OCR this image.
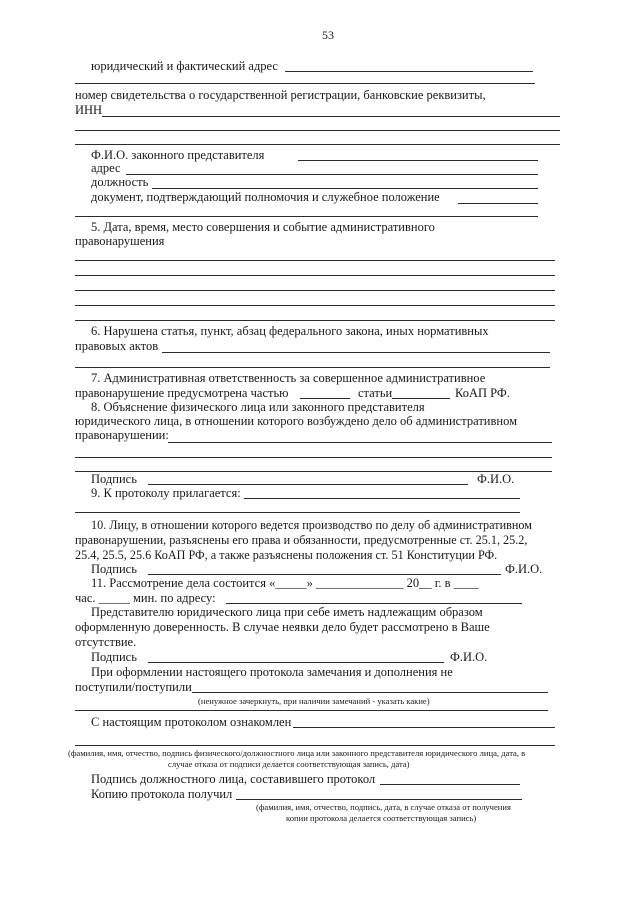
53
юридический и фактический адрес
номер свидетельства о государственной регистрации, банковские реквизиты,
ИНН
Ф.И.О. законного представителя
адрес
должность
документ, подтверждающий полномочия и служебное положение
5. Дата, время, место совершения и событие административного
правонарушения
6. Нарушена статья, пункт, абзац федерального закона, иных нормативных
правовых актов
7. Административная ответственность за совершенное административное
правонарушение предусмотрена частью	статьи	КоАП РФ.
8. Объяснение физического лица или законного представителя
юридического лица, в отношении которого возбуждено дело об административном
правонарушении:
Подпись	Ф.И.О.
9. К протоколу прилагается:
10. Лицу, в отношении которого ведется производство по делу об административном
правонарушении, разъяснены его права и обязанности, предусмотренные ст. 25.1, 25.2,
25.4, 25.5, 25.6 КоАП РФ, а также разъяснены положения ст. 51 Конституции РФ.
Подпись	Ф.И.О.
11. Рассмотрение дела состоится «_____» ______________ 20__ г. в ____
час. _____ мин. по адресу:
Представителю юридического лица при себе иметь надлежащим образом
оформленную доверенность. В случае неявки дело будет рассмотрено в Ваше
отсутствие.
Подпись	Ф.И.О.
При оформлении настоящего протокола замечания и дополнения не
поступили/поступили
(ненужное зачеркнуть, при наличии замечаний - указать какие)
С настоящим протоколом ознакомлен
(фамилия, имя, отчество, подпись физического/должностного лица или законного представителя юридического лица, дата, в
случае отказа от подписи делается соответствующая запись, дата)
Подпись должностного лица, составившего протокол
Копию протокола получил
(фамилия, имя, отчество, подпись, дата, в случае отказа от получения
копии протокола делается соответствующая запись)
